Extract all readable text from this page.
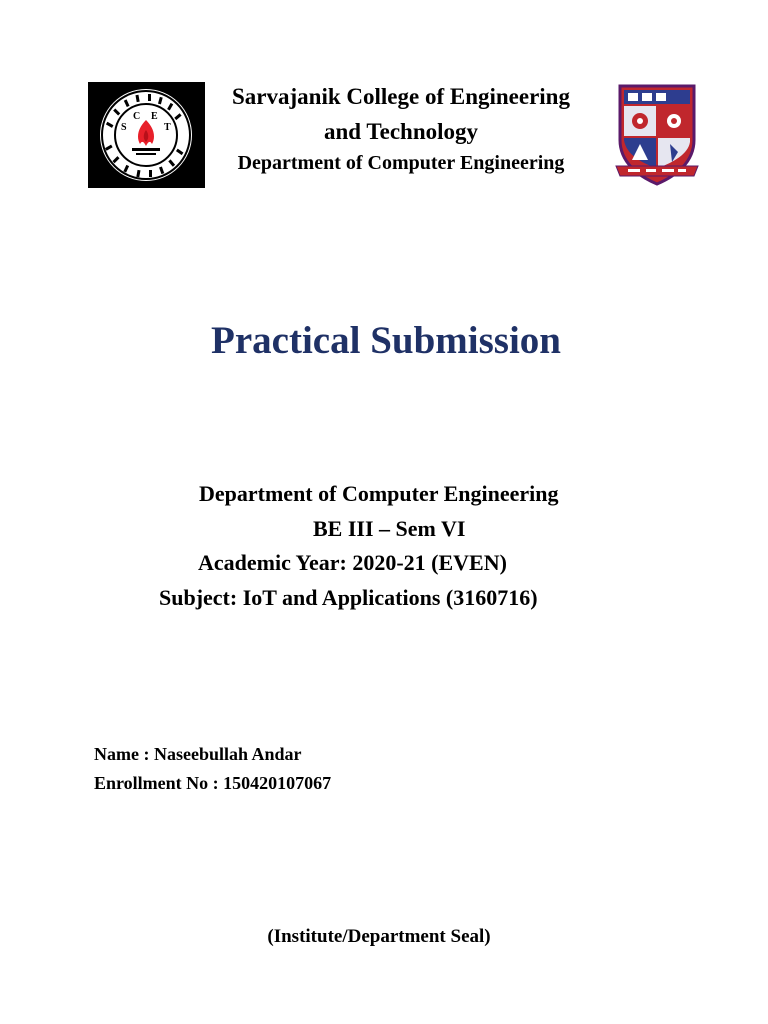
S
C E
T
Sarvajanik College of Engineering
and Technology
Department of Computer Engineering
Practical Submission
Department of Computer Engineering
BE III – Sem VI
Academic Year: 2020-21 (EVEN)
Subject: IoT and Applications (3160716)
Name : Naseebullah Andar
Enrollment No : 150420107067
(Institute/Department Seal)
